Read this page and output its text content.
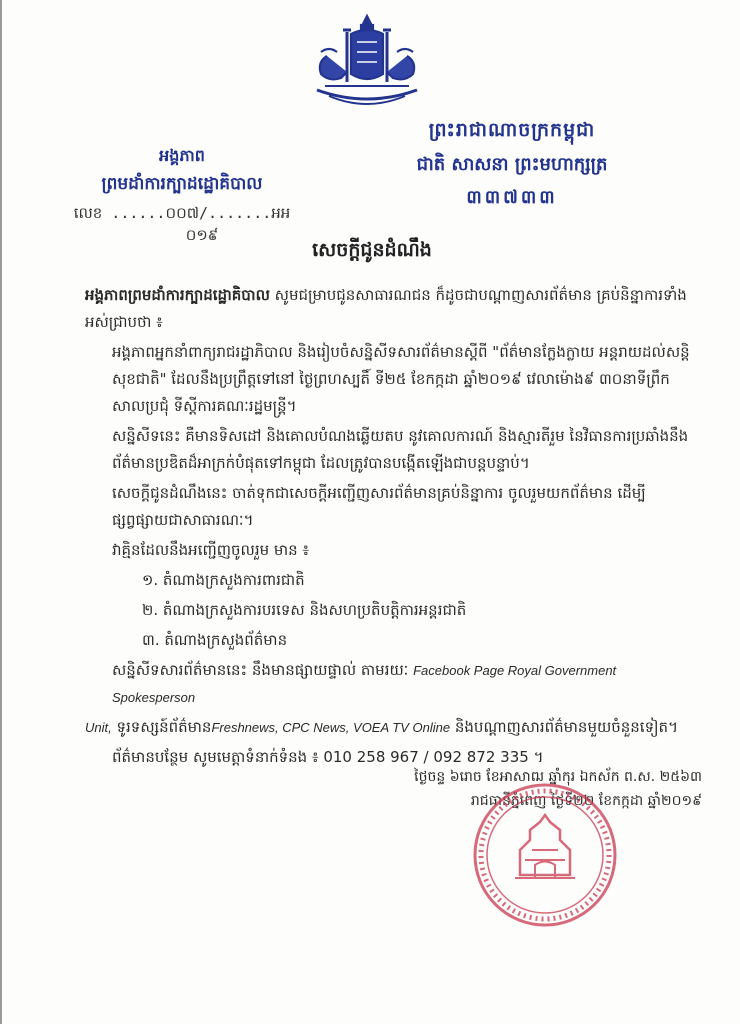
ព្រះរាជាណាចក្រកម្ពុជា
ជាតិ សាសនា ព្រះមហាក្សត្រ
៣៣៧៣៣
អង្គភាព
ព្រមដាំការក្បាដដ្ឋោគិបាល
លេខ ......០០៧/.......អអ
០១៩
សេចក្តីជូនដំណឹង

អង្គភាពព្រមដាំការក្បាដដ្ឋោគិបាល សូមជម្រាបជូនសាធារណជន ក៏ដូចជាបណ្តាញសារព័ត៌មាន គ្រប់និន្នាការទាំងអស់ជ្រាបថា ៖

អង្គភាពអ្នកនាំពាក្យរាជរដ្ឋាភិបាល និងរៀបចំសន្និសីទសារព័ត៌មានស្តីពី "ព័ត៌មានក្លែងក្លាយ អន្តរាយដល់សន្តិសុខជាតិ" ដែលនឹងប្រព្រឹត្តទៅនៅ ថ្ងៃព្រហស្បតិ៍ ទី២៥ ខែកក្កដា ឆ្នាំ២០១៩ វេលាម៉ោង៩ ៣០នាទីព្រឹក សាលប្រជុំ ទីស្តីការគណៈរដ្ឋមន្ត្រី។

សន្និសីទនេះ គឺមានទិសដៅ និងគោលបំណងឆ្លើយតប នូវគោលការណ៍ និងស្មារតីរួម នៃវិធានការប្រឆាំងនឹងព័ត៌មានប្រឌិតដ៏អាក្រក់បំផុតទៅកម្ពុជា ដែលត្រូវបានបង្កើតឡើងជាបន្តបន្ទាប់។

សេចក្តីជូនដំណឹងនេះ ចាត់ទុកជាសេចក្តីអញ្ជើញសារព័ត៌មានគ្រប់និន្នាការ ចូលរួមយកព័ត៌មាន ដើម្បីផ្សព្វផ្សាយជាសាធារណៈ។

វាគ្មិនដែលនឹងអញ្ជើញចូលរួម មាន ៖

១. តំណាងក្រសួងការពារជាតិ

២. តំណាងក្រសួងការបរទេស និងសហប្រតិបត្តិការអន្តរជាតិ

៣. តំណាងក្រសួងព័ត៌មាន

សន្និសីទសារព័ត៌មាននេះ នឹងមានផ្សាយផ្ទាល់ តាមរយៈ Facebook Page Royal Government Spokesperson

Unit, ទូរទស្សន៍ព័ត៌មានFreshnews, CPC News, VOEA TV Online និងបណ្តាញសារព័ត៌មានមួយចំនួនទៀត។

ព័ត៌មានបន្ថែម សូមមេត្តាទំនាក់ទំនង ៖ 010 258 967 / 092 872 335 ។

ថ្ងៃចន្ទ ៦រោច ខែអាសាឍ ឆ្នាំកុរ ឯកស័ក ព.ស. ២៥៦៣
រាជធានីភ្នំពេញ ថ្ងៃទី២២ ខែកក្កដា ឆ្នាំ២០១៩
